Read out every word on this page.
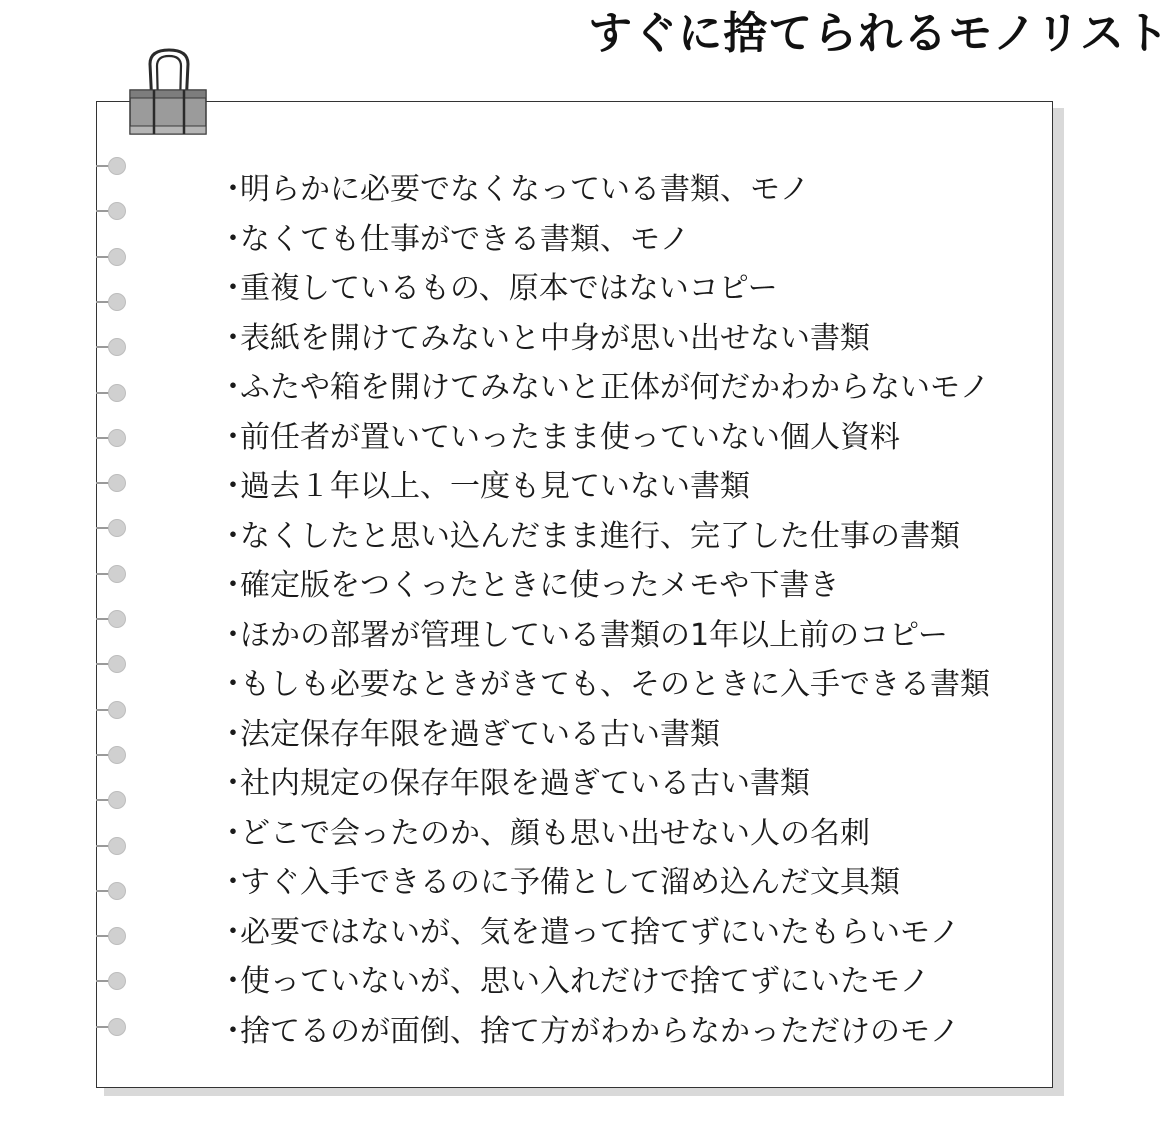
すぐに捨てられるモノリスト
・
明らかに必要でなくなっている書類、モノ
・
なくても仕事ができる書類、モノ
・
重複しているもの、原本ではないコピー
・
表紙を開けてみないと中身が思い出せない書類
・
ふたや箱を開けてみないと正体が何だかわからないモノ
・
前任者が置いていったまま使っていない個人資料
・
過去１年以上、一度も見ていない書類
・
なくしたと思い込んだまま進行、完了した仕事の書類
・
確定版をつくったときに使ったメモや下書き
・
ほかの部署が管理している書類の1年以上前のコピー
・
もしも必要なときがきても、そのときに入手できる書類
・
法定保存年限を過ぎている古い書類
・
社内規定の保存年限を過ぎている古い書類
・
どこで会ったのか、顔も思い出せない人の名刺
・
すぐ入手できるのに予備として溜め込んだ文具類
・
必要ではないが、気を遣って捨てずにいたもらいモノ
・
使っていないが、思い入れだけで捨てずにいたモノ
・
捨てるのが面倒、捨て方がわからなかっただけのモノ
